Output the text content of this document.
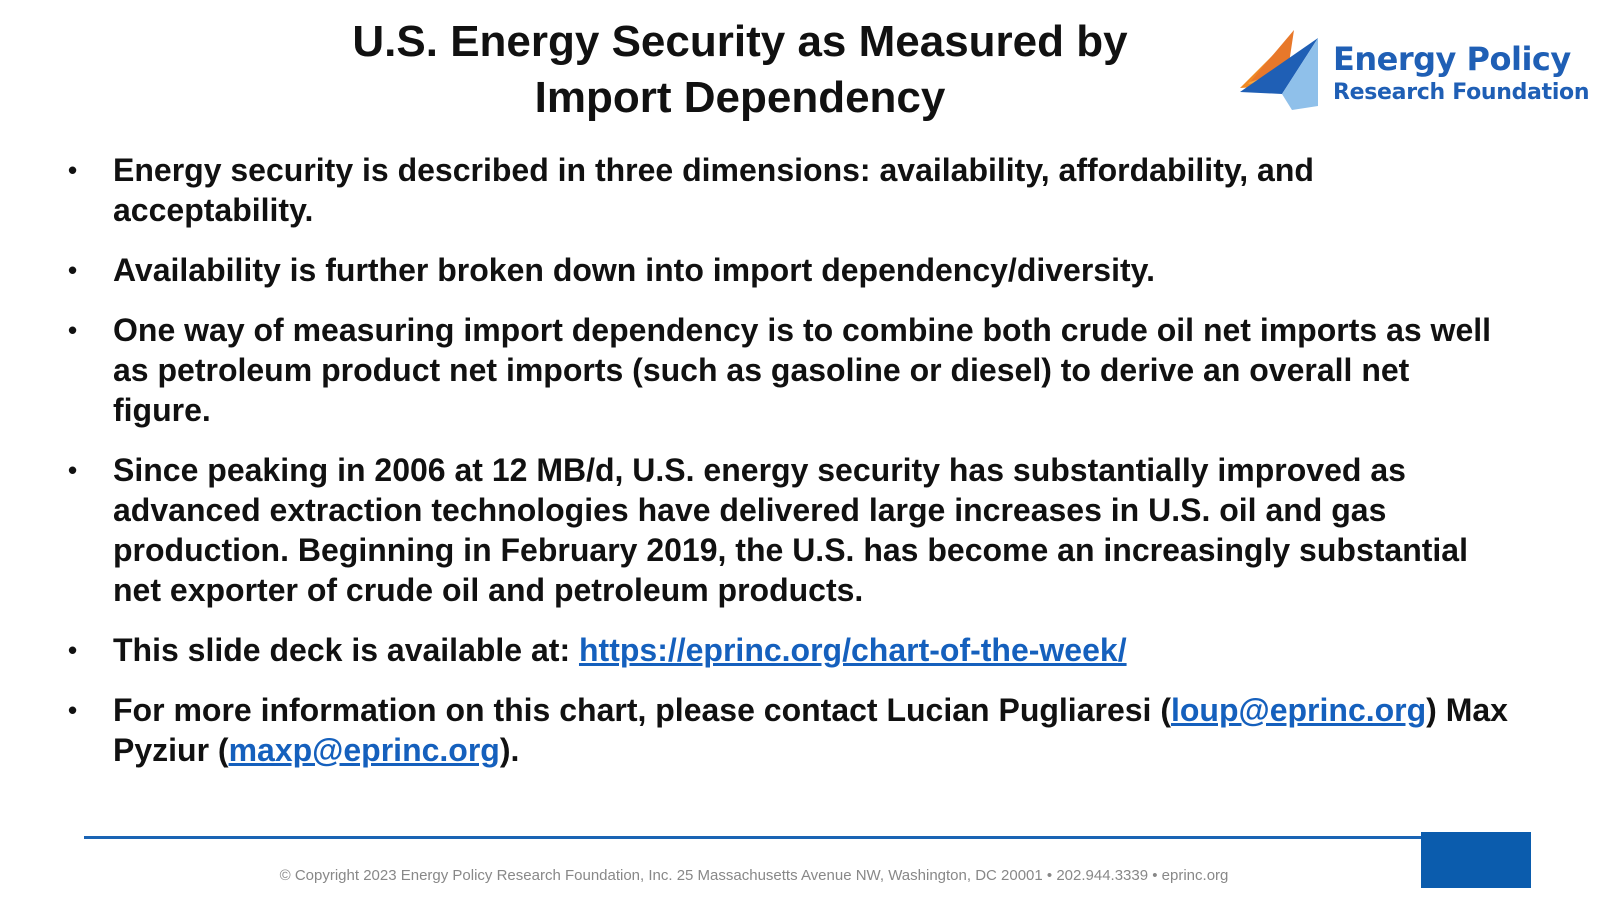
U.S. Energy Security as Measured by
Import Dependency
Energy Policy
Research Foundation
• Energy security is described in three dimensions: availability, affordability, and acceptability.
• Availability is further broken down into import dependency/diversity.
• One way of measuring import dependency is to combine both crude oil net imports as well as petroleum product net imports (such as gasoline or diesel) to derive an overall net figure.
• Since peaking in 2006 at 12 MB/d, U.S. energy security has substantially improved as advanced extraction technologies have delivered large increases in U.S. oil and gas production. Beginning in February 2019, the U.S. has become an increasingly substantial net exporter of crude oil and petroleum products.
• This slide deck is available at: https://eprinc.org/chart-of-the-week/
• For more information on this chart, please contact Lucian Pugliaresi (loup@eprinc.org) Max Pyziur (maxp@eprinc.org).
© Copyright 2023 Energy Policy Research Foundation, Inc. 25 Massachusetts Avenue NW, Washington, DC 20001 • 202.944.3339 • eprinc.org
